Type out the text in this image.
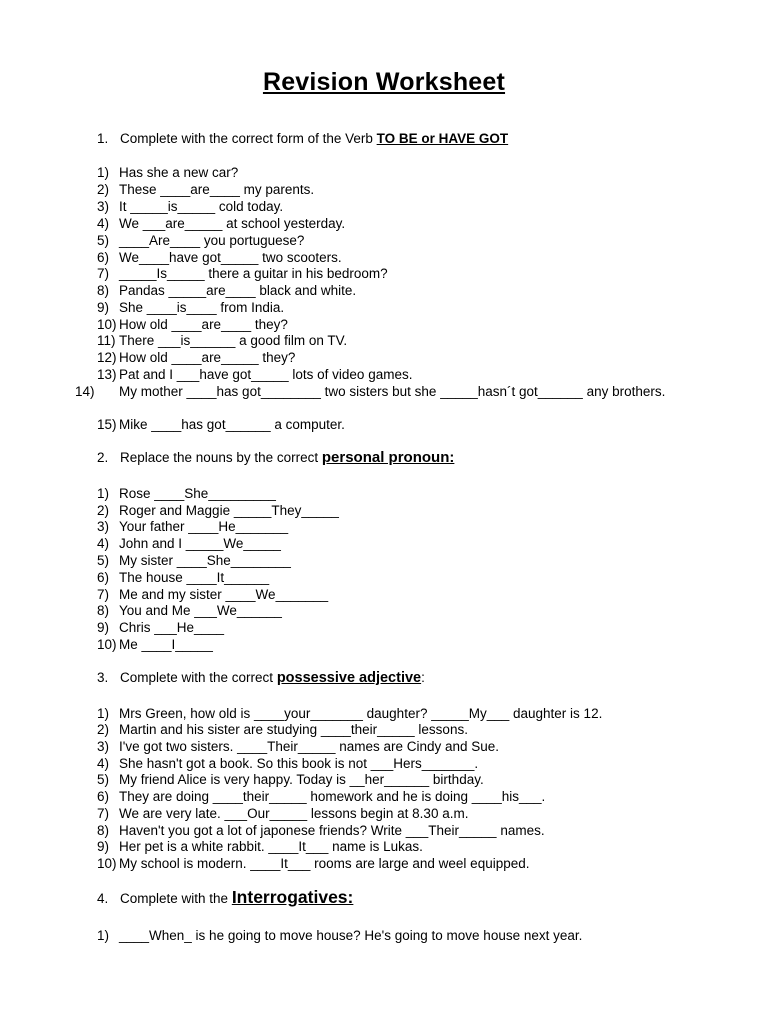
Revision Worksheet
1. Complete with the correct form of the Verb TO BE or HAVE GOT
1) Has she a new car?
2) These ____are____ my parents.
3) It _____is_____ cold today.
4) We ___are_____ at school yesterday.
5) ____Are____ you portuguese?
6) We____have got_____ two scooters.
7) _____Is_____ there a guitar in his bedroom?
8) Pandas _____are____ black and white.
9) She ____is____ from India.
10) How old ____are____ they?
11) There ___is______ a good film on TV.
12) How old ____are_____ they?
13) Pat and I ___have got_____ lots of video games.
14) My mother ____has got________ two sisters but she _____hasn´t got______ any brothers.
15) Mike ____has got______ a computer.
2. Replace the nouns by the correct personal pronoun:
1) Rose ____She_________
2) Roger and Maggie _____They_____
3) Your father ____He_______
4) John and I _____We_____
5) My sister ____She________
6) The house ____It______
7) Me and my sister ____We_______
8) You and Me ___We______
9) Chris ___He____
10) Me ____I_____
3. Complete with the correct possessive adjective:
1) Mrs Green, how old is ____your_______ daughter? _____My___ daughter is 12.
2) Martin and his sister are studying ____their_____ lessons.
3) I've got two sisters. ____Their_____ names are Cindy and Sue.
4) She hasn't got a book. So this book is not ___Hers_______.
5) My friend Alice is very happy. Today is __her______ birthday.
6) They are doing ____their_____ homework and he is doing ____his___.
7) We are very late. ___Our_____ lessons begin at 8.30 a.m.
8) Haven't you got a lot of japonese friends? Write ___Their_____ names.
9) Her pet is a white rabbit. ____It___ name is Lukas.
10) My school is modern. ____It___ rooms are large and weel equipped.
4. Complete with the Interrogatives:
1) ____When_ is he going to move house? He's going to move house next year.
